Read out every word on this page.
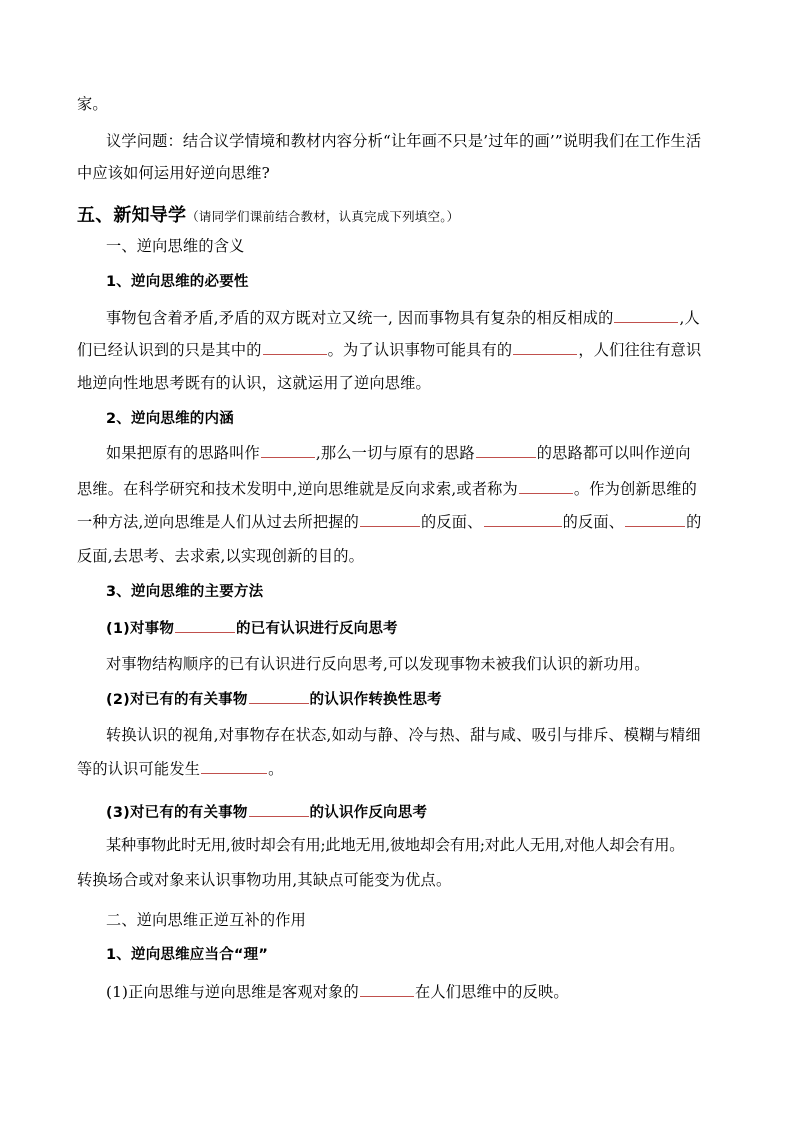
家。
议学问题：结合议学情境和教材内容分析“让年画不只是’过年的画’”说明我们在工作生活
中应该如何运用好逆向思维?
五、新知导学（请同学们课前结合教材，认真完成下列填空。）
一、逆向思维的含义
1、逆向思维的必要性
事物包含着矛盾,矛盾的双方既对立又统一, 因而事物具有复杂的相反相成的	,人
们已经认识到的只是其中的	。为了认识事物可能具有的	，人们往往有意识
地逆向性地思考既有的认识，这就运用了逆向思维。
2、逆向思维的内涵
如果把原有的思路叫作	,那么一切与原有的思路	的思路都可以叫作逆向
思维。在科学研究和技术发明中,逆向思维就是反向求索,或者称为	。作为创新思维的
一种方法,逆向思维是人们从过去所把握的	的反面、	的反面、	的
反面,去思考、去求索,以实现创新的目的。
3、逆向思维的主要方法
(1)对事物	的已有认识进行反向思考
对事物结构顺序的已有认识进行反向思考,可以发现事物未被我们认识的新功用。
(2)对已有的有关事物	的认识作转换性思考
转换认识的视角,对事物存在状态,如动与静、冷与热、甜与咸、吸引与排斥、模糊与精细
等的认识可能发生	。
(3)对已有的有关事物	的认识作反向思考
某种事物此时无用,彼时却会有用;此地无用,彼地却会有用;对此人无用,对他人却会有用。
转换场合或对象来认识事物功用,其缺点可能变为优点。
二、逆向思维正逆互补的作用
1、逆向思维应当合“理”
(1)正向思维与逆向思维是客观对象的	在人们思维中的反映。
